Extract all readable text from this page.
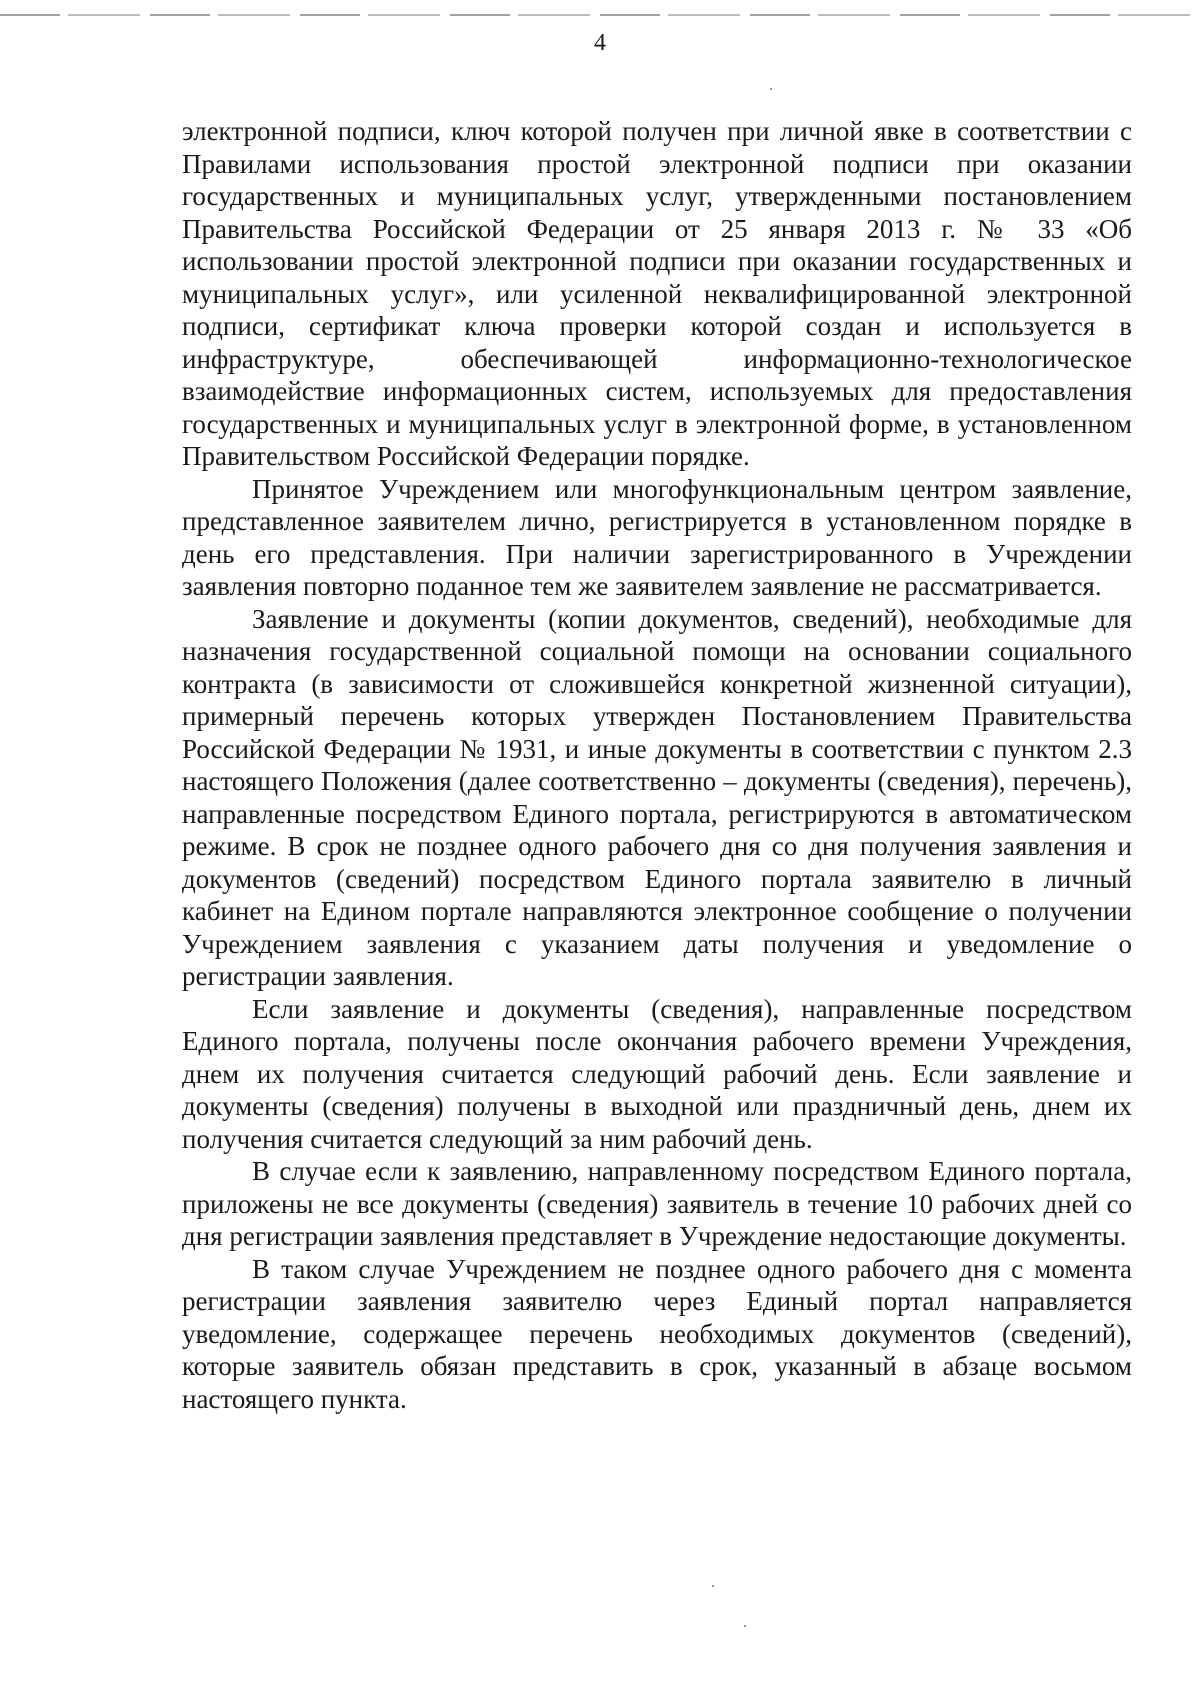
4

электронной подписи, ключ которой получен при личной явке в соответствии с Правилами использования простой электронной подписи при оказании государственных и муниципальных услуг, утвержденными постановлением Правительства Российской Федерации от 25 января 2013 г. № 33 «Об использовании простой электронной подписи при оказании государственных и муниципальных услуг», или усиленной неквалифицированной электронной подписи, сертификат ключа проверки которой создан и используется в инфраструктуре, обеспечивающей информационно-технологическое взаимодействие информационных систем, используемых для предоставления государственных и муниципальных услуг в электронной форме, в установленном Правительством Российской Федерации порядке.

Принятое Учреждением или многофункциональным центром заявление, представленное заявителем лично, регистрируется в установленном порядке в день его представления. При наличии зарегистрированного в Учреждении заявления повторно поданное тем же заявителем заявление не рассматривается.

Заявление и документы (копии документов, сведений), необходимые для назначения государственной социальной помощи на основании социального контракта (в зависимости от сложившейся конкретной жизненной ситуации), примерный перечень которых утвержден Постановлением Правительства Российской Федерации № 1931, и иные документы в соответствии с пунктом 2.3 настоящего Положения (далее соответственно – документы (сведения), перечень), направленные посредством Единого портала, регистрируются в автоматическом режиме. В срок не позднее одного рабочего дня со дня получения заявления и документов (сведений) посредством Единого портала заявителю в личный кабинет на Едином портале направляются электронное сообщение о получении Учреждением заявления с указанием даты получения и уведомление о регистрации заявления.

Если заявление и документы (сведения), направленные посредством Единого портала, получены после окончания рабочего времени Учреждения, днем их получения считается следующий рабочий день. Если заявление и документы (сведения) получены в выходной или праздничный день, днем их получения считается следующий за ним рабочий день.

В случае если к заявлению, направленному посредством Единого портала, приложены не все документы (сведения) заявитель в течение 10 рабочих дней со дня регистрации заявления представляет в Учреждение недостающие документы.

В таком случае Учреждением не позднее одного рабочего дня с момента регистрации заявления заявителю через Единый портал направляется уведомление, содержащее перечень необходимых документов (сведений), которые заявитель обязан представить в срок, указанный в абзаце восьмом настоящего пункта.
